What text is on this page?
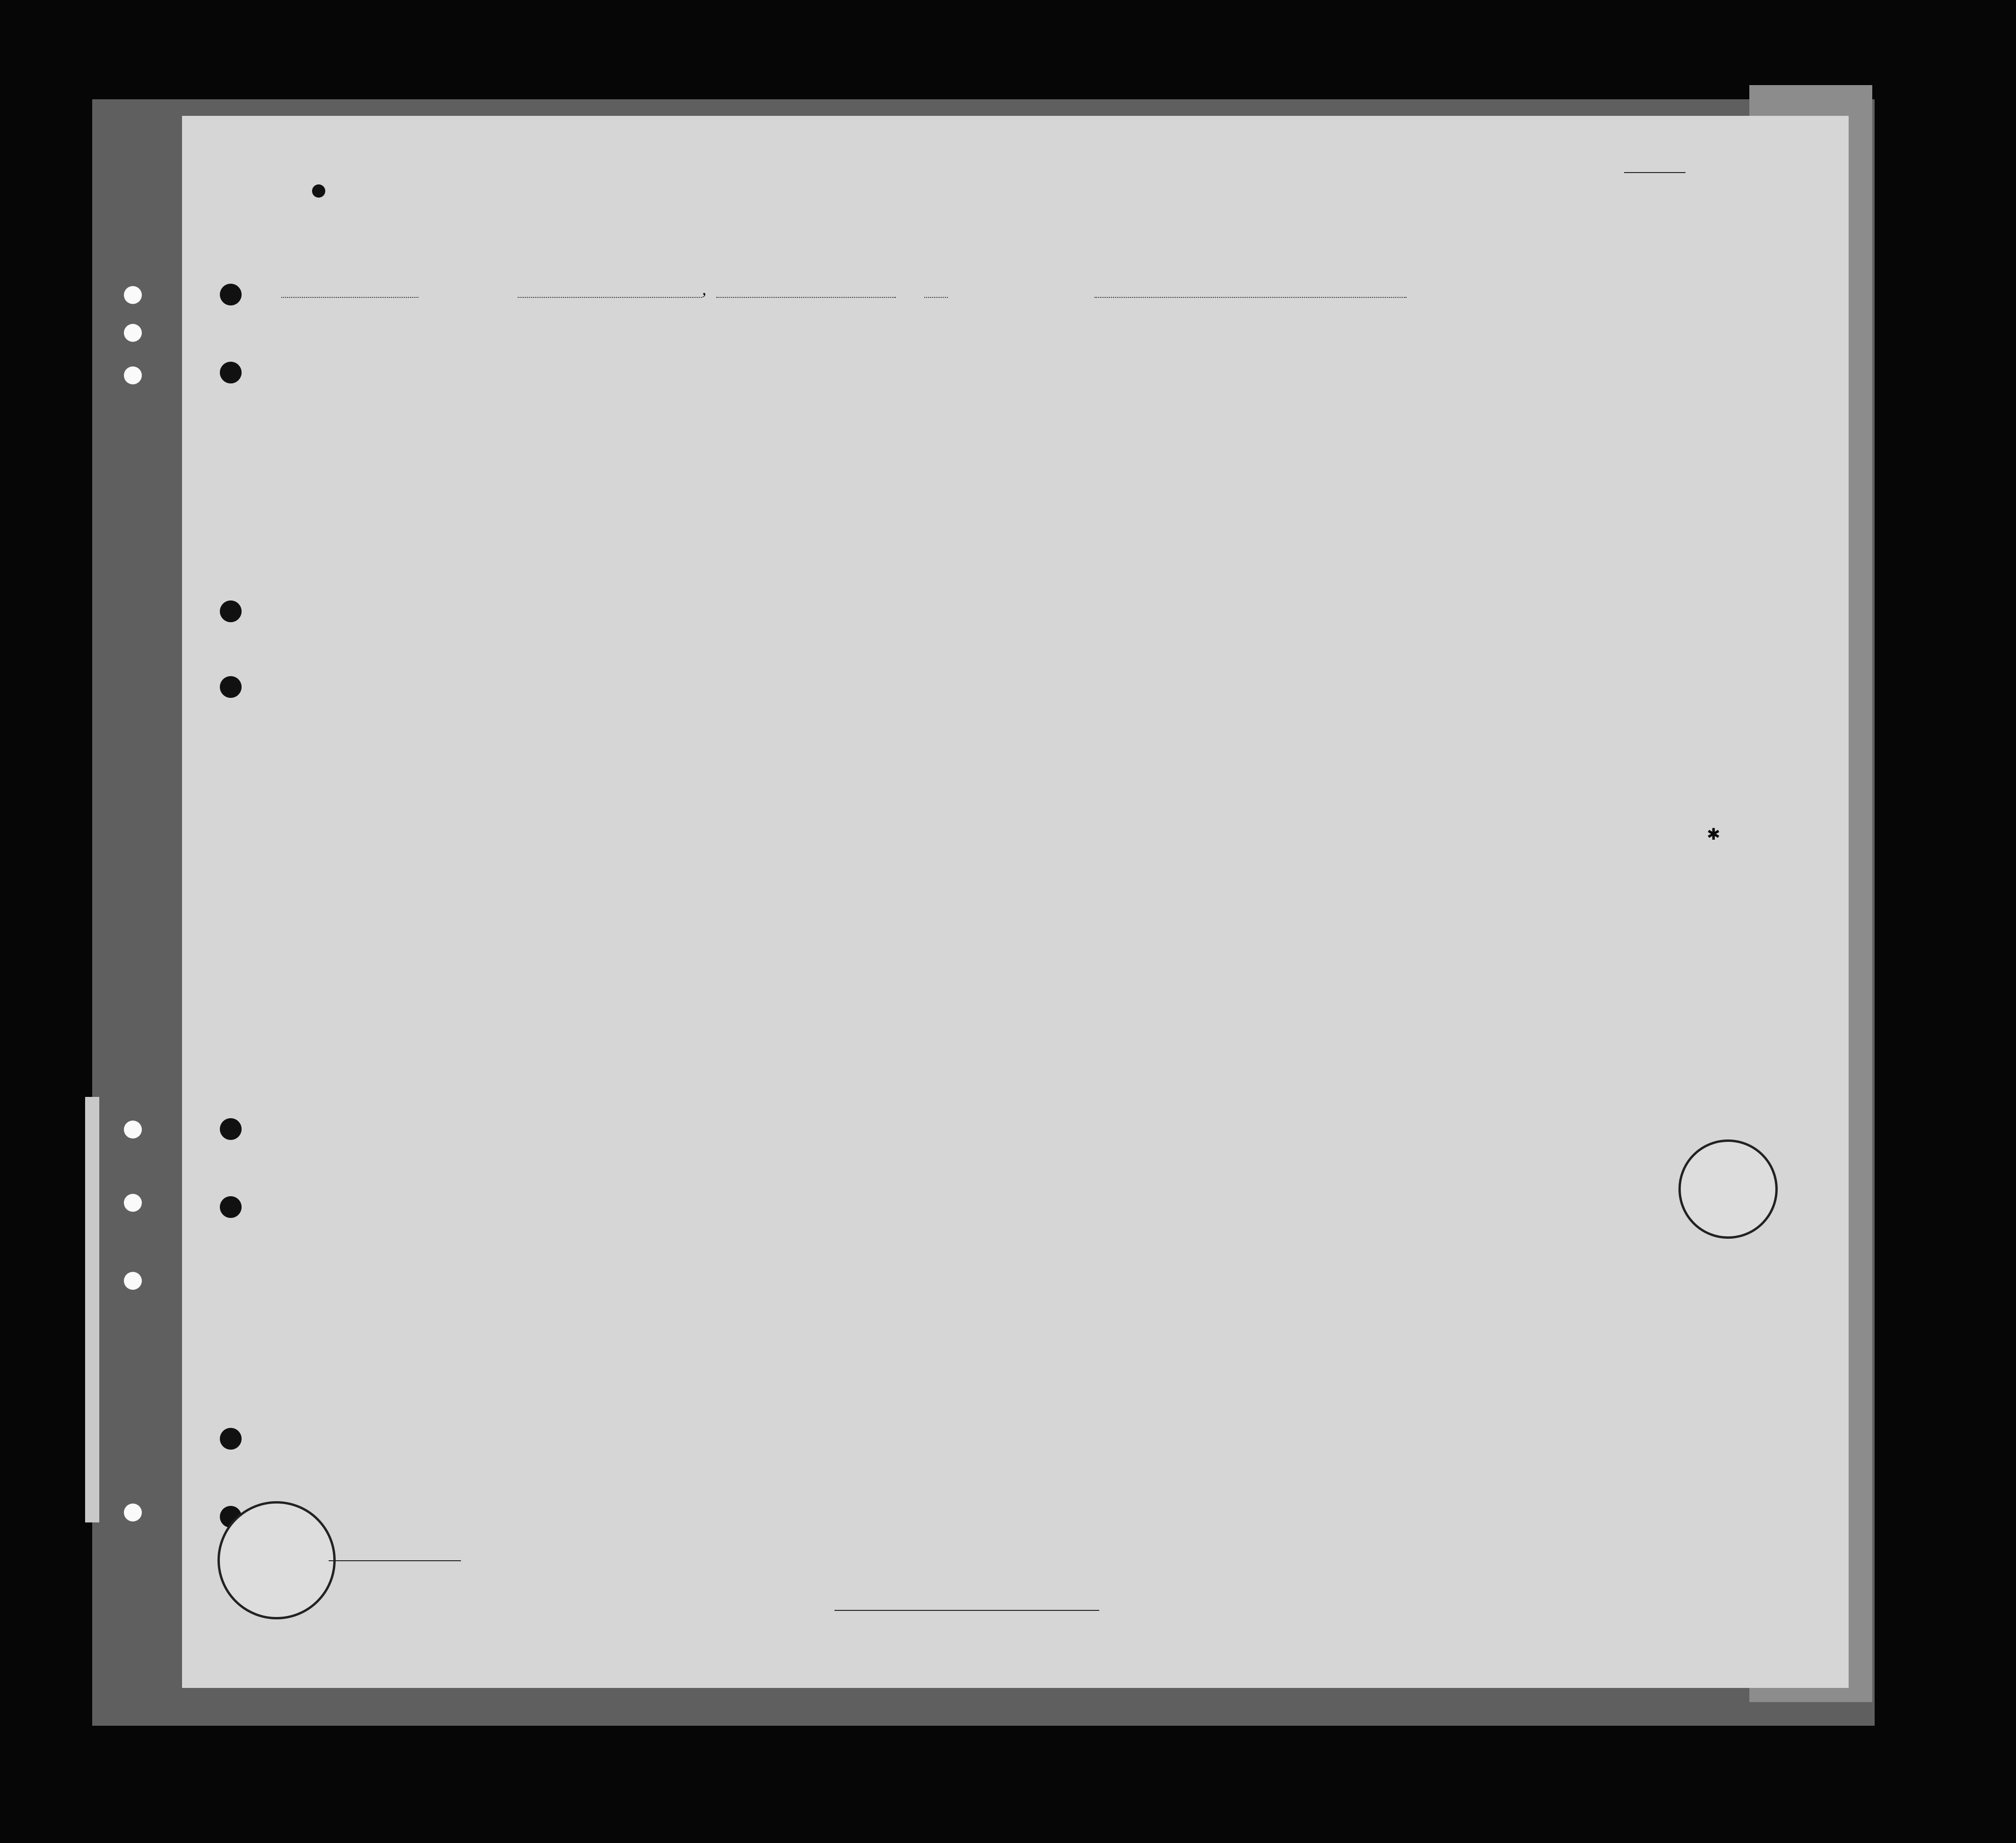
,
✱
